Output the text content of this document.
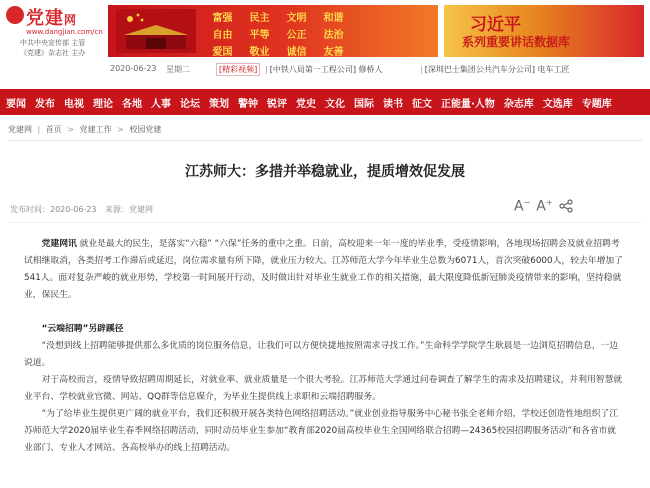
党建网
www.dangjian.com/cn
中共中央宣传部 主管
《党建》杂志社 主办
富强	民主	文明	和谐
自由	平等	公正	法治
爱国	敬业	诚信	友善
习近平
系列重要讲话数据库
2020-06-23 星期二	[精彩视频] | [中铁八局第一工程公司] 修桥人	| [深圳巴士集团公共汽车分公司] 电车工匠
要闻 发布 电视 理论 各地 人事 论坛 策划 警钟 锐评 党史 文化 国际 读书 征文 正能量·人物 杂志库 文选库 专题库
党建网 | 首页 > 党建工作 > 校园党建
江苏师大：多措并举稳就业，提质增效促发展
发布时间：2020-06-23 来源：党建网	A− A+

党建网讯 就业是最大的民生，是落实“六稳” “六保”任务的重中之重。日前，高校迎来一年一度的毕业季，受疫情影响，各地现场招聘会及就业招聘考试相继取消，各类招考工作滞后或延迟，岗位需求量有所下降，就业压力较大。江苏师范大学今年毕业生总数为6071人，首次突破6000人，较去年增加了541人。面对复杂严峻的就业形势，学校第一时间展开行动，及时做出针对毕业生就业工作的相关措施，最大限度降低新冠肺炎疫情带来的影响，坚持稳就业，保民生。

“云端招聘”另辟蹊径

“没想到线上招聘能够提供那么多优质的岗位服务信息，让我们可以方便快捷地按照需求寻找工作。”生命科学学院学生耿晨是一边浏览招聘信息，一边说道。

对于高校而言，疫情导致招聘周期延长，对就业率、就业质量是一个很大考验。江苏师范大学通过问卷调查了解学生的需求及招聘建议，并利用智慧就业平台、学校就业官微、网站、QQ群等信息媒介，为毕业生提供线上求职和云端招聘服务。

“为了给毕业生提供更广阔的就业平台，我们还积极开展各类特色网络招聘活动。”就业创业指导服务中心秘书张全老师介绍，学校还创造性地组织了江苏师范大学2020届毕业生春季网络招聘活动，同时动员毕业生参加“教育部2020届高校毕业生全国网络联合招聘—24365校园招聘服务活动”和各省市就业部门、专业人才网站、各高校举办的线上招聘活动。
